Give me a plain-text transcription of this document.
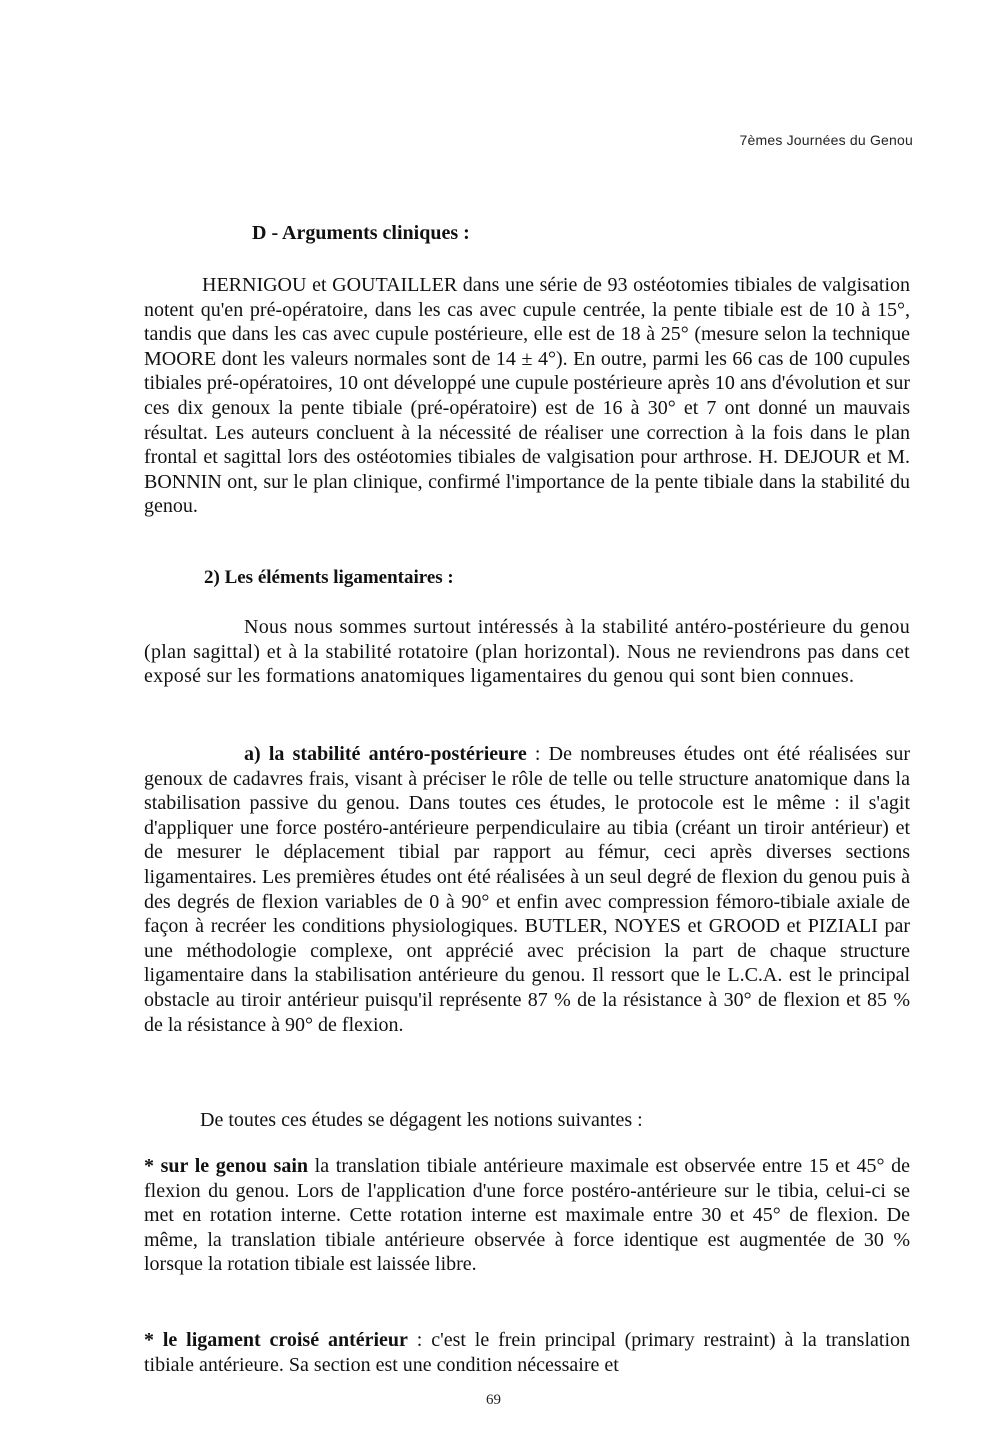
7èmes Journées du Genou
D - Arguments cliniques :

HERNIGOU et GOUTAILLER dans une série de 93 ostéotomies tibiales de valgisation notent qu'en pré-opératoire, dans les cas avec cupule centrée, la pente tibiale est de 10 à 15°, tandis que dans les cas avec cupule postérieure, elle est de 18 à 25° (mesure selon la technique MOORE dont les valeurs normales sont de 14 ± 4°). En outre, parmi les 66 cas de 100 cupules tibiales pré-opératoires, 10 ont développé une cupule postérieure après 10 ans d'évolution et sur ces dix genoux la pente tibiale (pré-opératoire) est de 16 à 30° et 7 ont donné un mauvais résultat. Les auteurs concluent à la nécessité de réaliser une correction à la fois dans le plan frontal et sagittal lors des ostéotomies tibiales de valgisation pour arthrose. H. DEJOUR et M. BONNIN ont, sur le plan clinique, confirmé l'importance de la pente tibiale dans la stabilité du genou.

2) Les éléments ligamentaires :

Nous nous sommes surtout intéressés à la stabilité antéro-postérieure du genou (plan sagittal) et à la stabilité rotatoire (plan horizontal). Nous ne reviendrons pas dans cet exposé sur les formations anatomiques ligamentaires du genou qui sont bien connues.

a) la stabilité antéro-postérieure : De nombreuses études ont été réalisées sur genoux de cadavres frais, visant à préciser le rôle de telle ou telle structure anatomique dans la stabilisation passive du genou. Dans toutes ces études, le protocole est le même : il s'agit d'appliquer une force postéro-antérieure perpendiculaire au tibia (créant un tiroir antérieur) et de mesurer le déplacement tibial par rapport au fémur, ceci après diverses sections ligamentaires. Les premières études ont été réalisées à un seul degré de flexion du genou puis à des degrés de flexion variables de 0 à 90° et enfin avec compression fémoro-tibiale axiale de façon à recréer les conditions physiologiques. BUTLER, NOYES et GROOD et PIZIALI par une méthodologie complexe, ont apprécié avec précision la part de chaque structure ligamentaire dans la stabilisation antérieure du genou. Il ressort que le L.C.A. est le principal obstacle au tiroir antérieur puisqu'il représente 87 % de la résistance à 30° de flexion et 85 % de la résistance à 90° de flexion.

De toutes ces études se dégagent les notions suivantes :

* sur le genou sain la translation tibiale antérieure maximale est observée entre 15 et 45° de flexion du genou. Lors de l'application d'une force postéro-antérieure sur le tibia, celui-ci se met en rotation interne. Cette rotation interne est maximale entre 30 et 45° de flexion. De même, la translation tibiale antérieure observée à force identique est augmentée de 30 % lorsque la rotation tibiale est laissée libre.

* le ligament croisé antérieur : c'est le frein principal (primary restraint) à la translation tibiale antérieure. Sa section est une condition nécessaire et

69
